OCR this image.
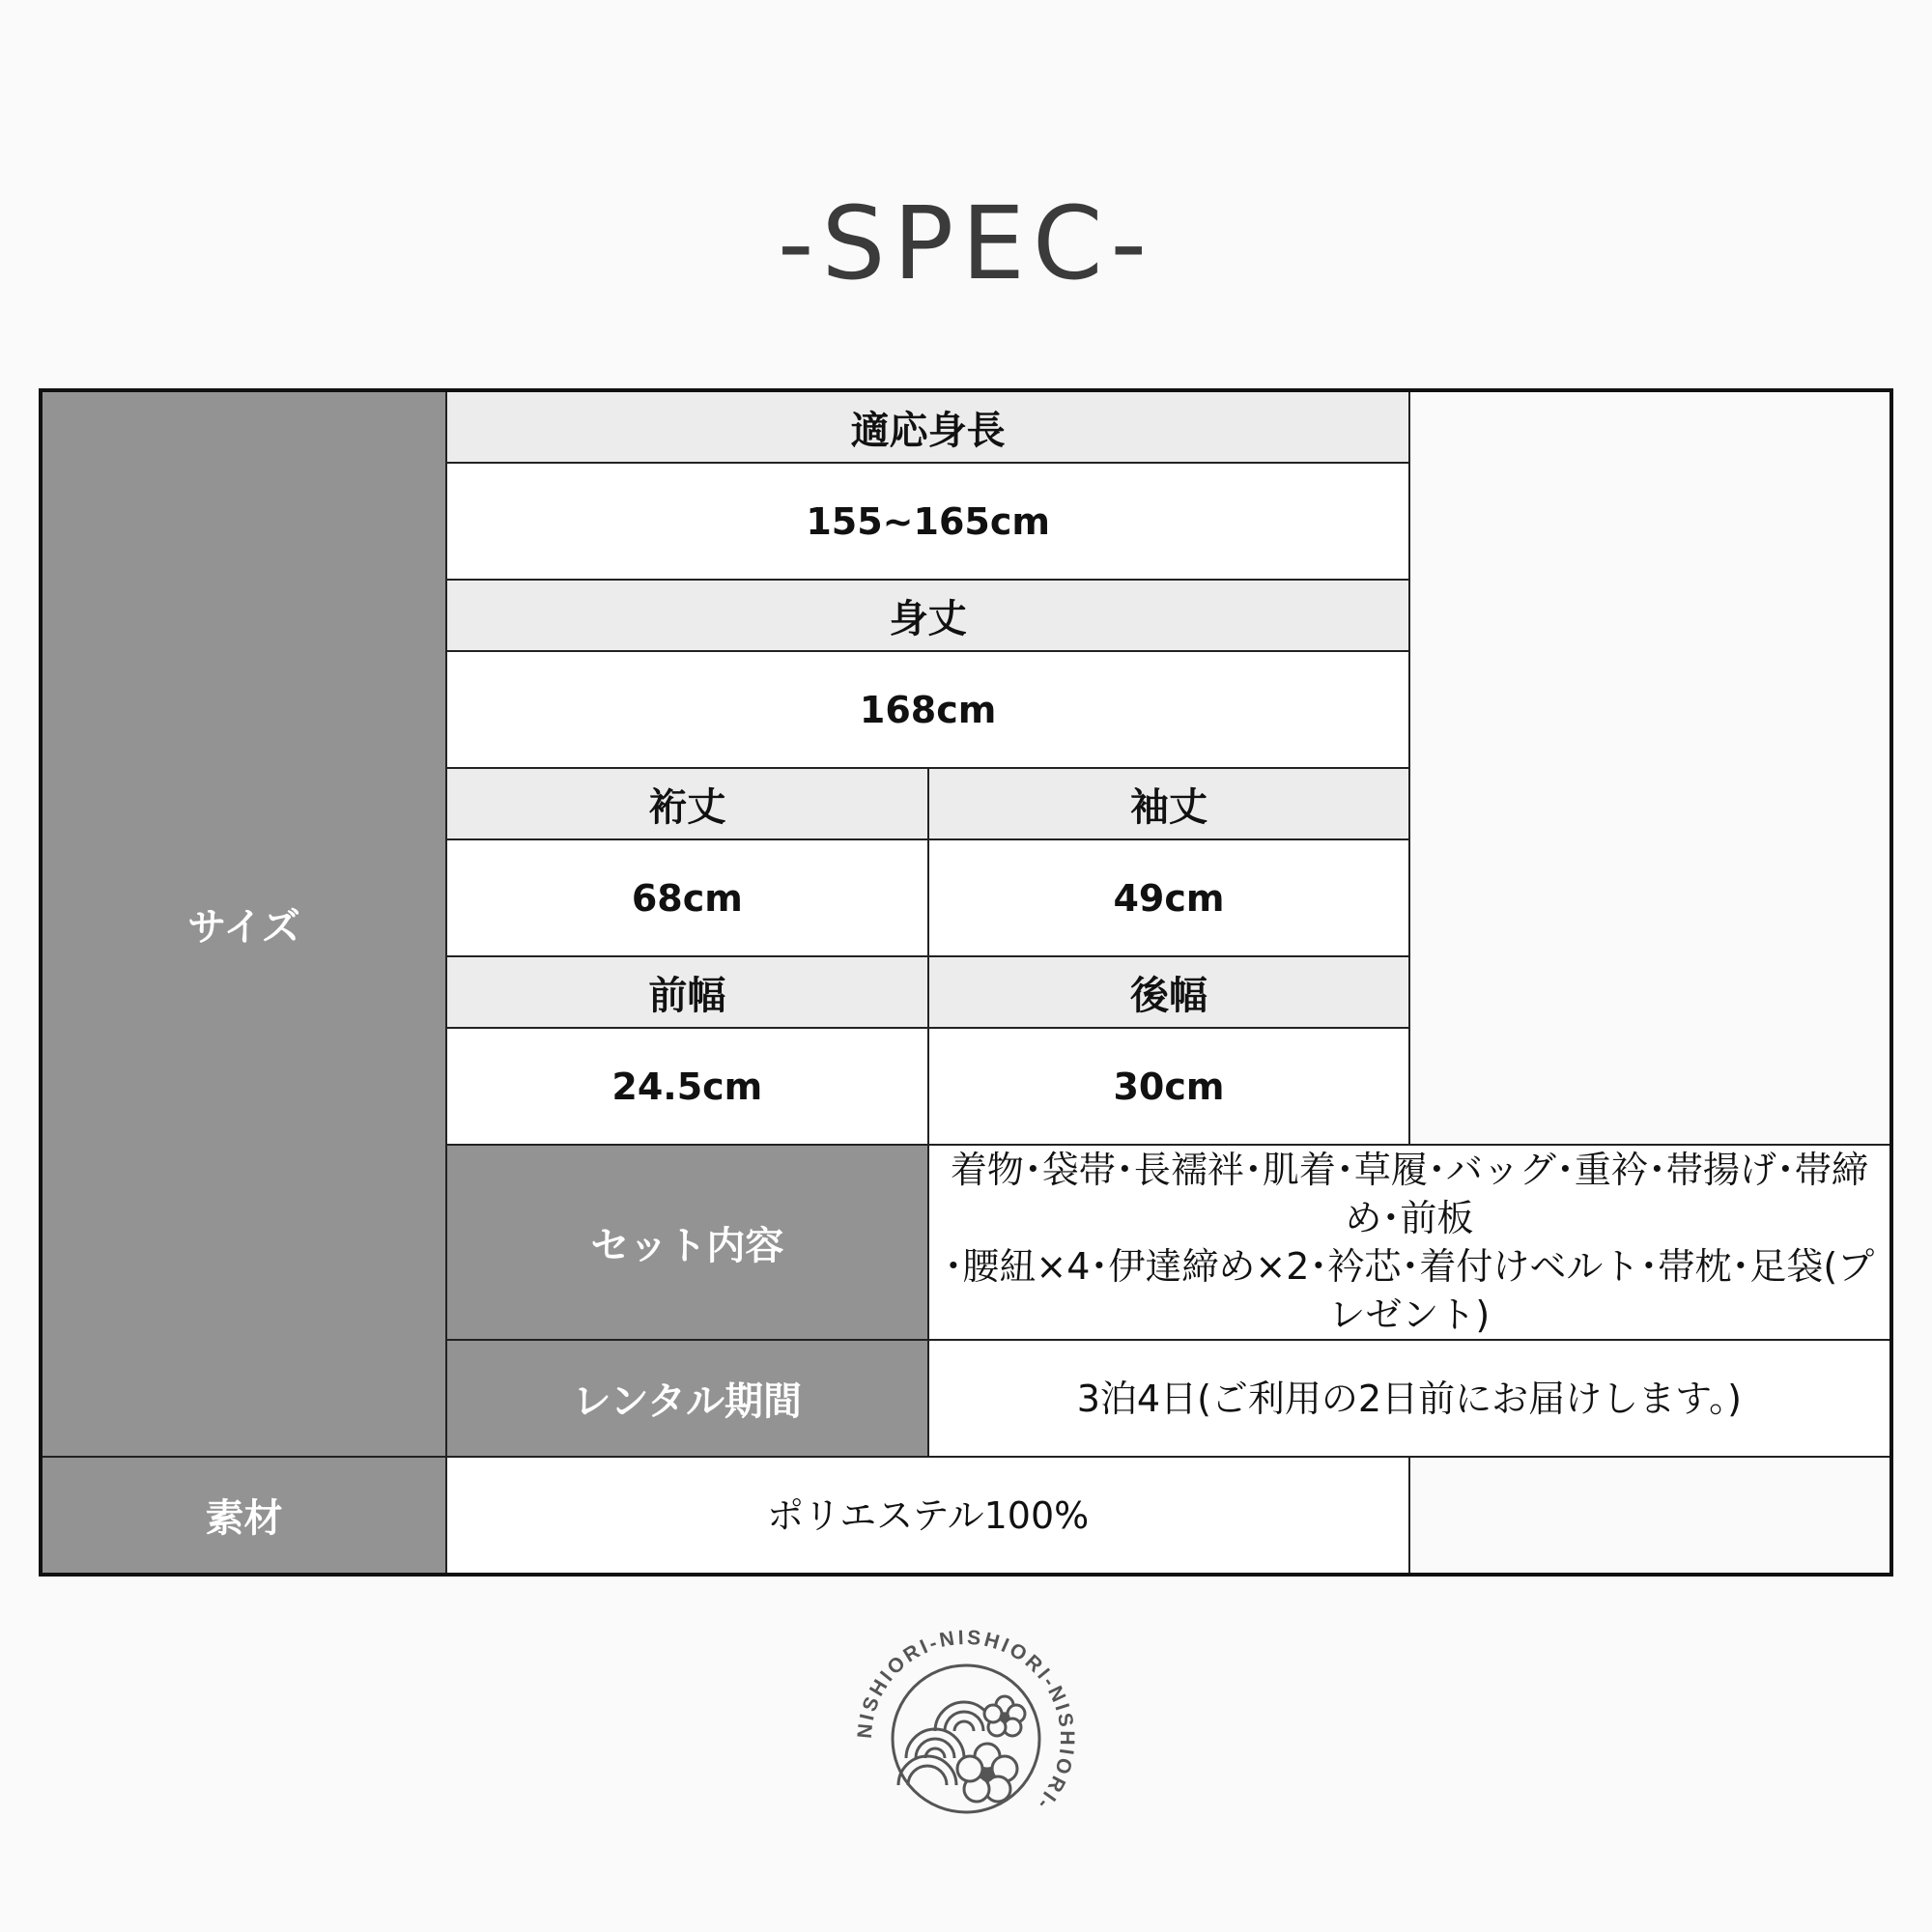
-SPEC-
サイズ	適応身長	
	155~165cm	
	身丈	
	168cm	
	裄丈	袖丈
	68cm	49cm
	前幅	後幅
	24.5cm	30cm
	セット内容	着物･袋帯･長襦袢･肌着･草履･バッグ･重衿･帯揚げ･帯締め･前板
･腰紐×4･伊達締め×2･衿芯･着付けベルト･帯枕･足袋(プレゼント)

	レンタル期間	3泊4日(ご利用の2日前にお届けします。)
素材	ポリエステル100%	
NISHIORI-NISHIORI-NISHIORI-
